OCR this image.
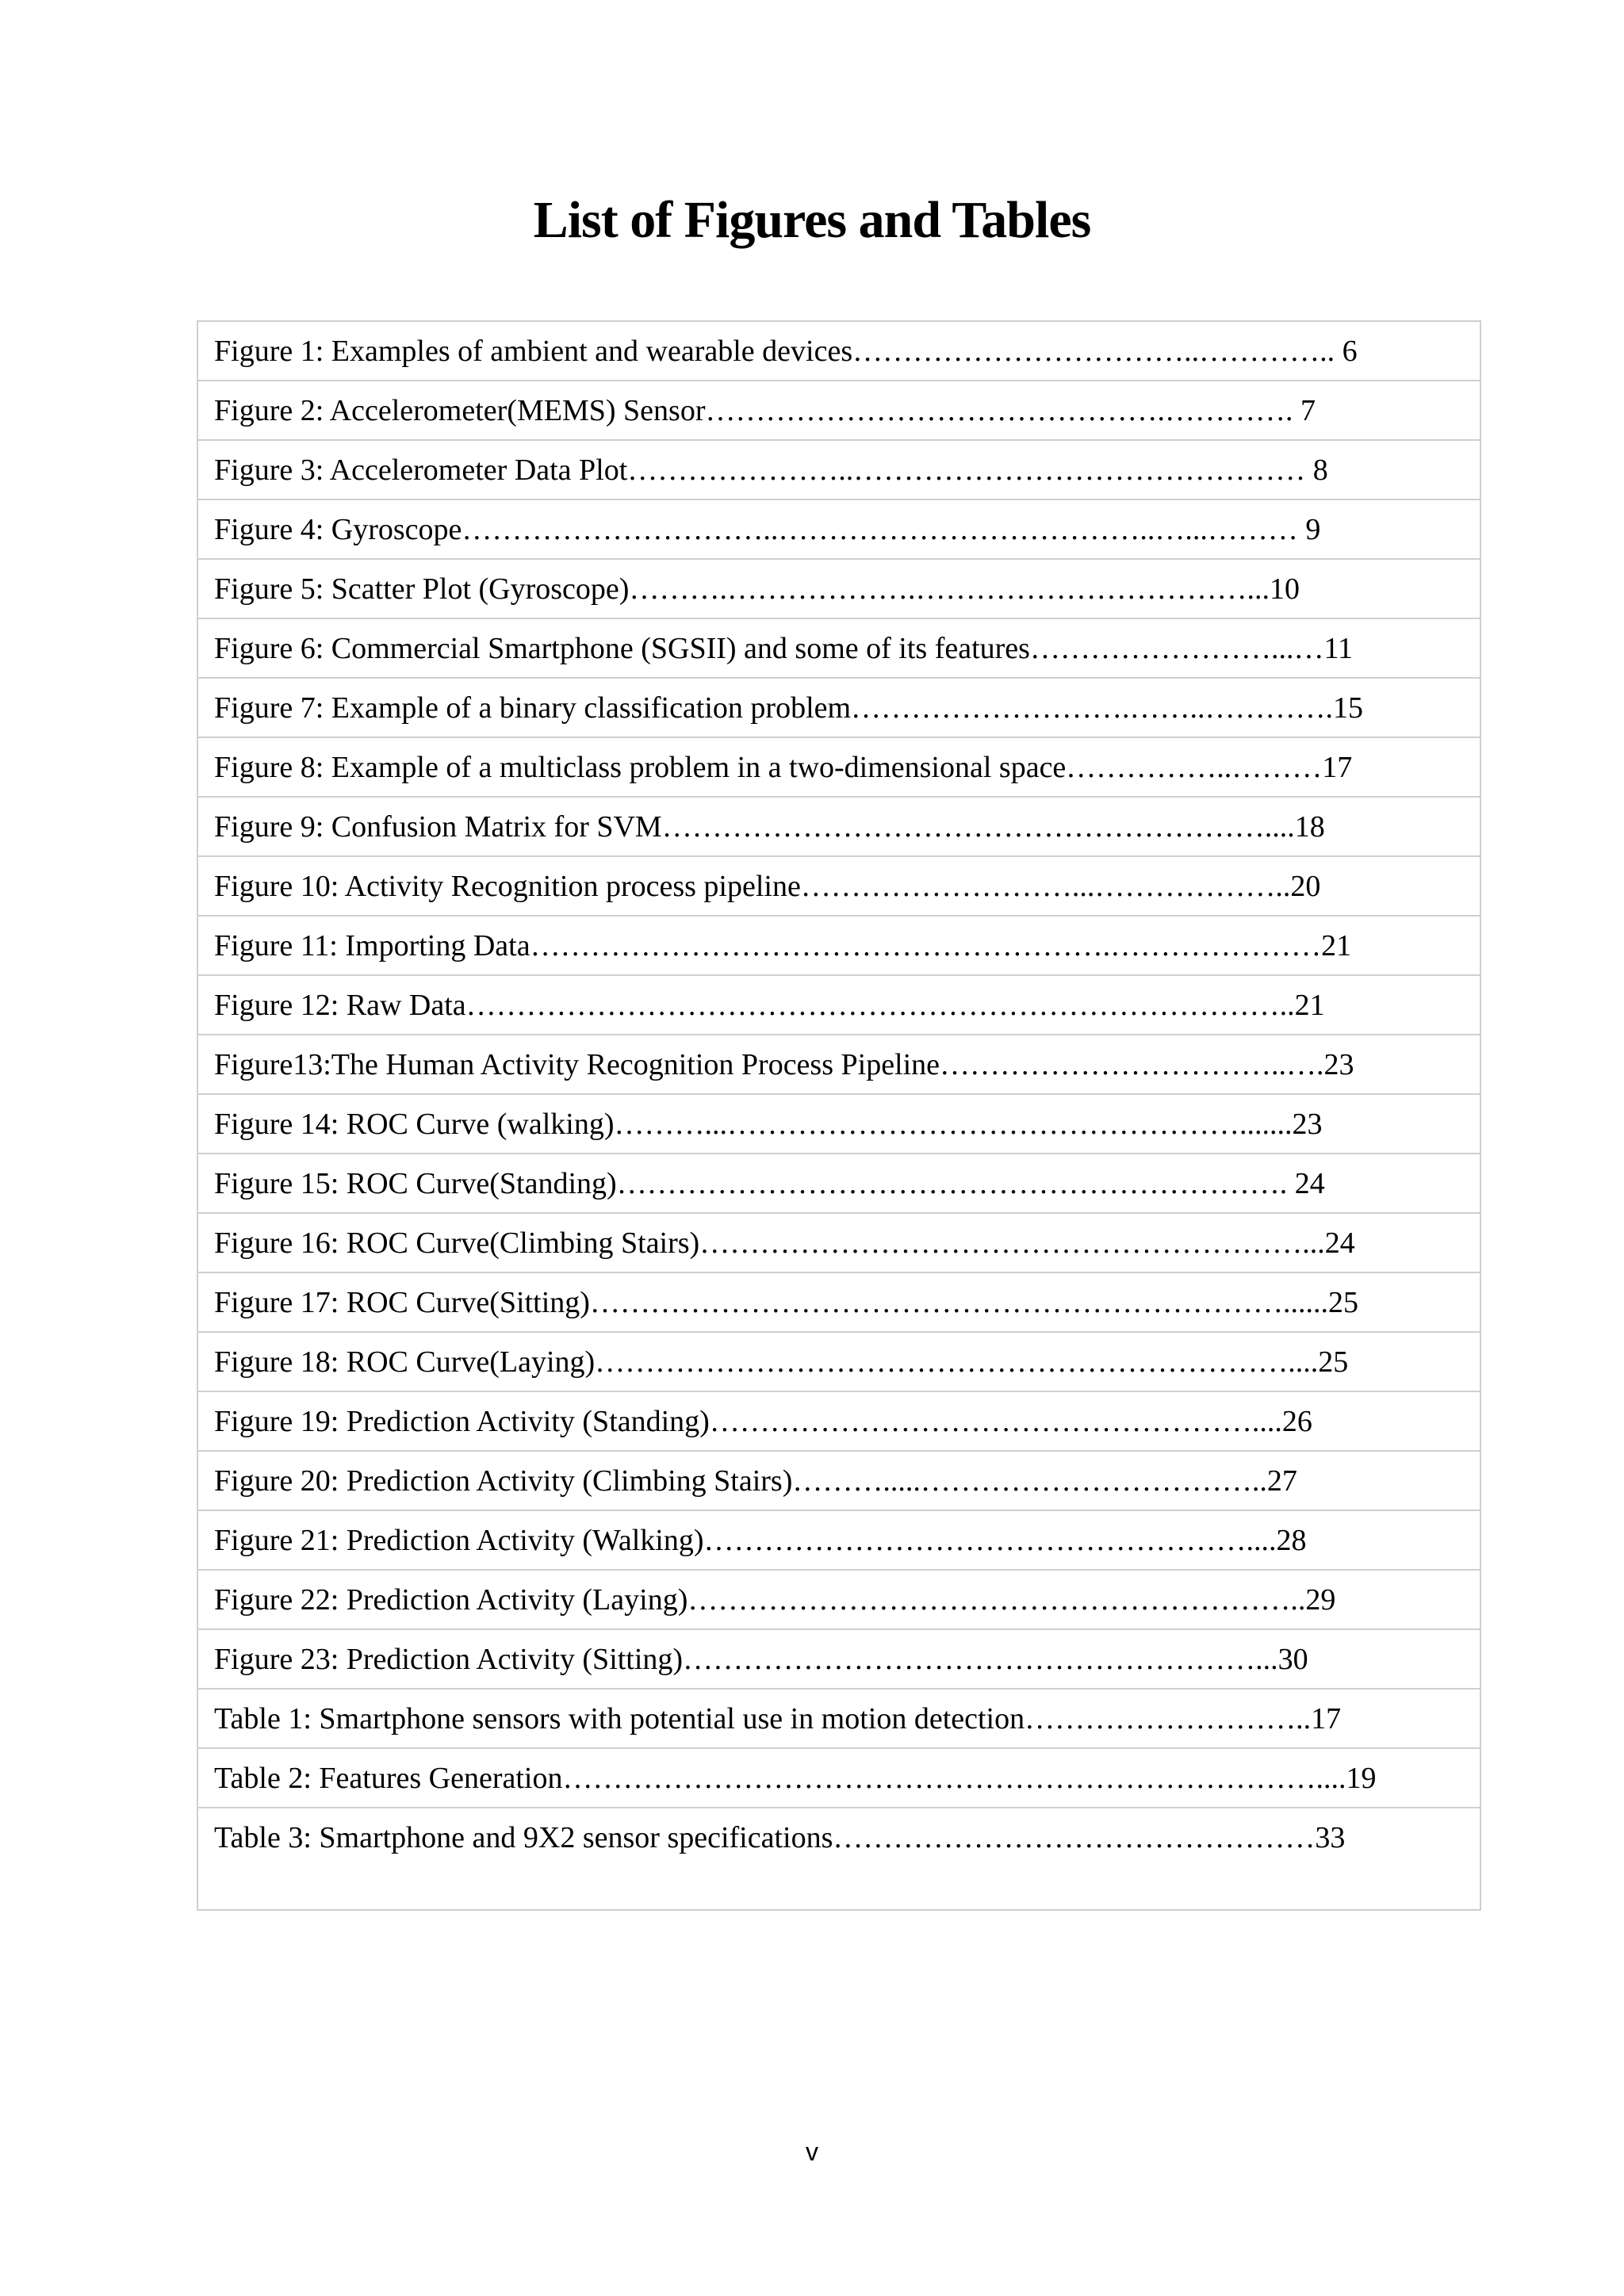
List of Figures and Tables
Figure 1: Examples of ambient and wearable devices……………………………..………….. 6
Figure 2: Accelerometer(MEMS) Sensor……………………………………….…………. 7
Figure 3: Accelerometer Data Plot…………………..……………………………………… 8
Figure 4: Gyroscope…………………………..………………………………..…...……… 9
Figure 5: Scatter Plot (Gyroscope)……….……………….……………………………...10
Figure 6: Commercial Smartphone (SGSII) and some of its features……………………...…11
Figure 7: Example of a binary classification problem……………………….……..………….15
Figure 8: Example of a multiclass problem in a two-dimensional space……………..………17
Figure 9: Confusion Matrix for SVM……………………………………………………....18
Figure 10: Activity Recognition process pipeline………………………...………………..20
Figure 11: Importing Data………………………………………………….…………………21
Figure 12: Raw Data………………………………………………………………………..21
Figure13:The Human Activity Recognition Process Pipeline……………………………..….23
Figure 14: ROC Curve (walking)………...…………………………………………….......23
Figure 15: ROC Curve(Standing)…………………………………………………………. 24
Figure 16: ROC Curve(Climbing Stairs)……………………………………………………...24
Figure 17: ROC Curve(Sitting)……………………………………………………………......25
Figure 18: ROC Curve(Laying)……………………………………………………………....25
Figure 19: Prediction Activity (Standing)………………………………………………....26
Figure 20: Prediction Activity (Climbing Stairs)……….....……………………………..27
Figure 21: Prediction Activity (Walking)………………………………………………....28
Figure 22: Prediction Activity (Laying)……………………………………………………..29
Figure 23: Prediction Activity (Sitting)…………………………………………………...30
Table 1: Smartphone sensors with potential use in motion detection………………………..17
Table 2: Features Generation…………………………………………………………………....19
Table 3: Smartphone and 9X2 sensor specifications…………………………………………33
v
